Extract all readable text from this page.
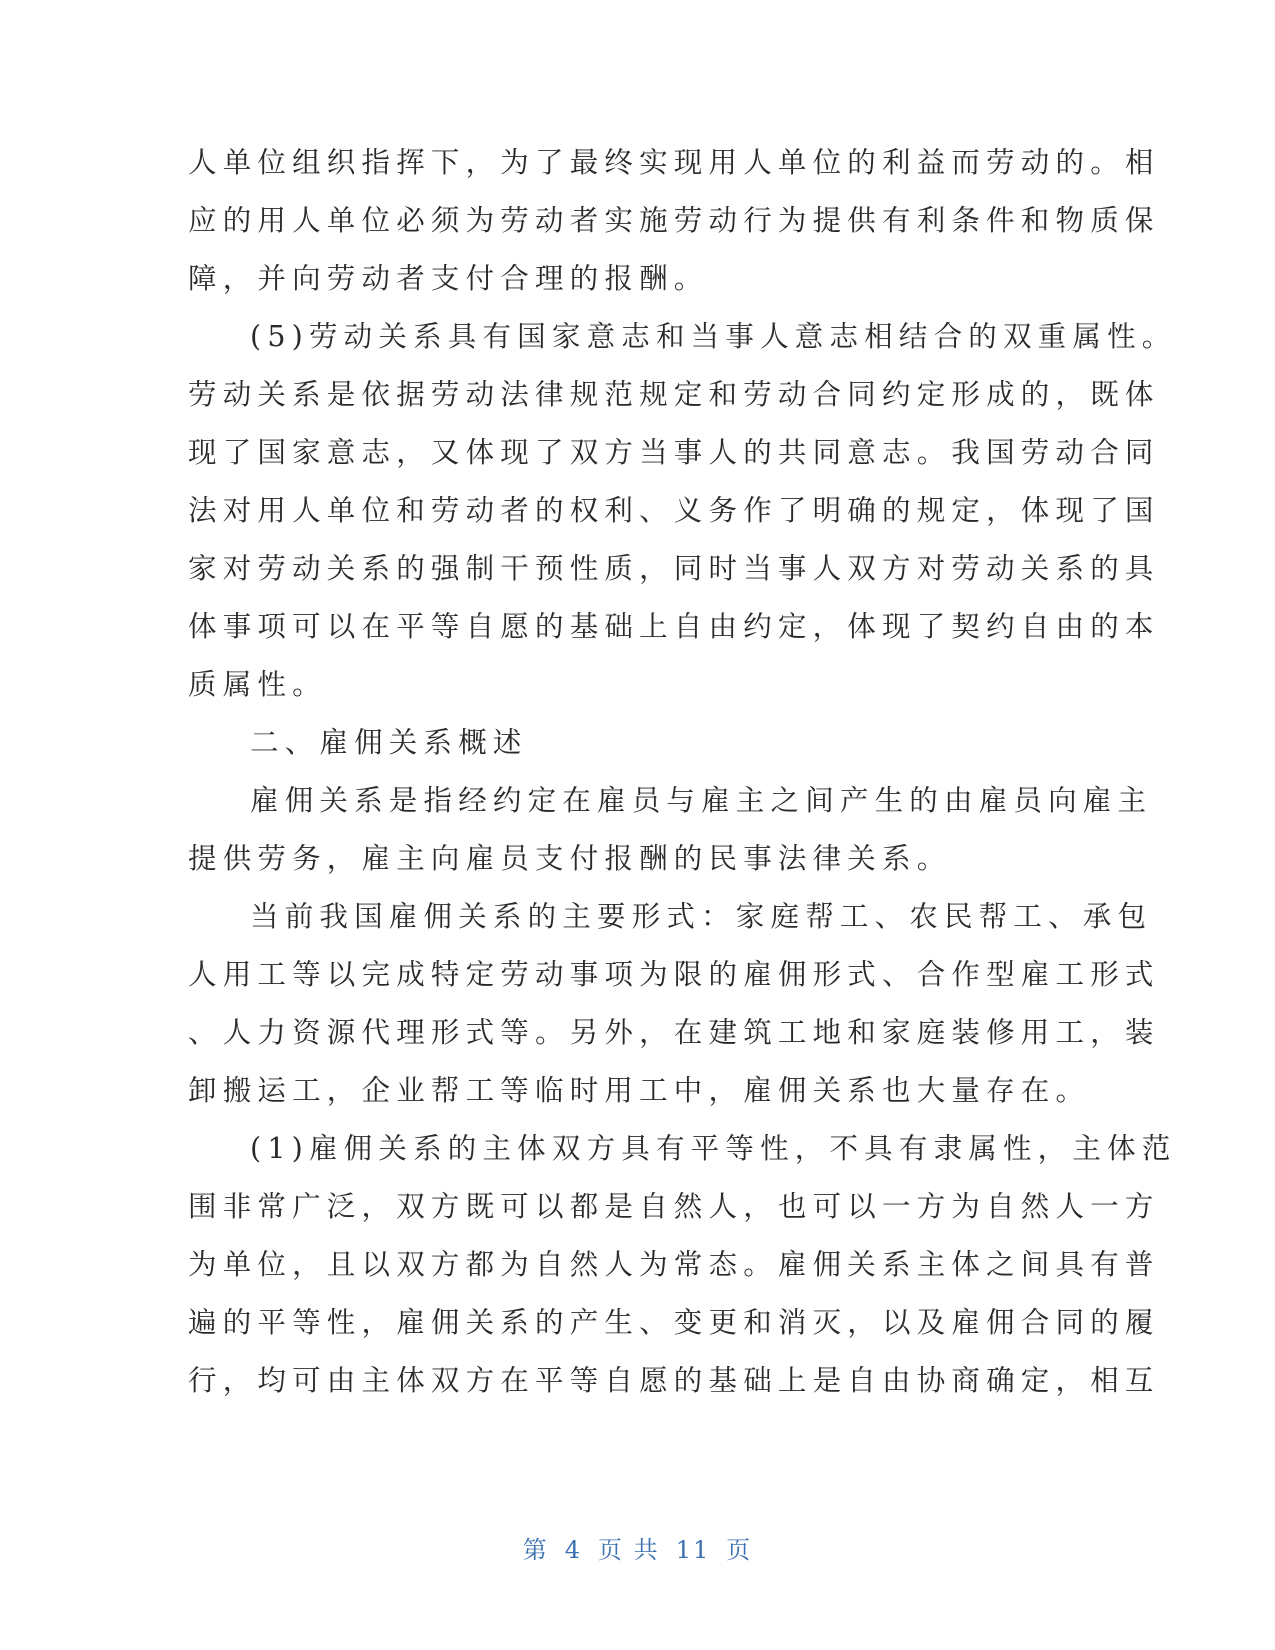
人单位组织指挥下，为了最终实现用人单位的利益而劳动的。相
应的用人单位必须为劳动者实施劳动行为提供有利条件和物质保
障，并向劳动者支付合理的报酬。
(5)劳动关系具有国家意志和当事人意志相结合的双重属性。
劳动关系是依据劳动法律规范规定和劳动合同约定形成的，既体
现了国家意志，又体现了双方当事人的共同意志。我国劳动合同
法对用人单位和劳动者的权利、义务作了明确的规定，体现了国
家对劳动关系的强制干预性质，同时当事人双方对劳动关系的具
体事项可以在平等自愿的基础上自由约定，体现了契约自由的本
质属性。
二、雇佣关系概述
雇佣关系是指经约定在雇员与雇主之间产生的由雇员向雇主
提供劳务，雇主向雇员支付报酬的民事法律关系。
当前我国雇佣关系的主要形式：家庭帮工、农民帮工、承包
人用工等以完成特定劳动事项为限的雇佣形式、合作型雇工形式
、人力资源代理形式等。另外，在建筑工地和家庭装修用工，装
卸搬运工，企业帮工等临时用工中，雇佣关系也大量存在。
(1)雇佣关系的主体双方具有平等性，不具有隶属性，主体范
围非常广泛，双方既可以都是自然人，也可以一方为自然人一方
为单位，且以双方都为自然人为常态。雇佣关系主体之间具有普
遍的平等性，雇佣关系的产生、变更和消灭，以及雇佣合同的履
行，均可由主体双方在平等自愿的基础上是自由协商确定，相互
第 4 页 共 11 页
